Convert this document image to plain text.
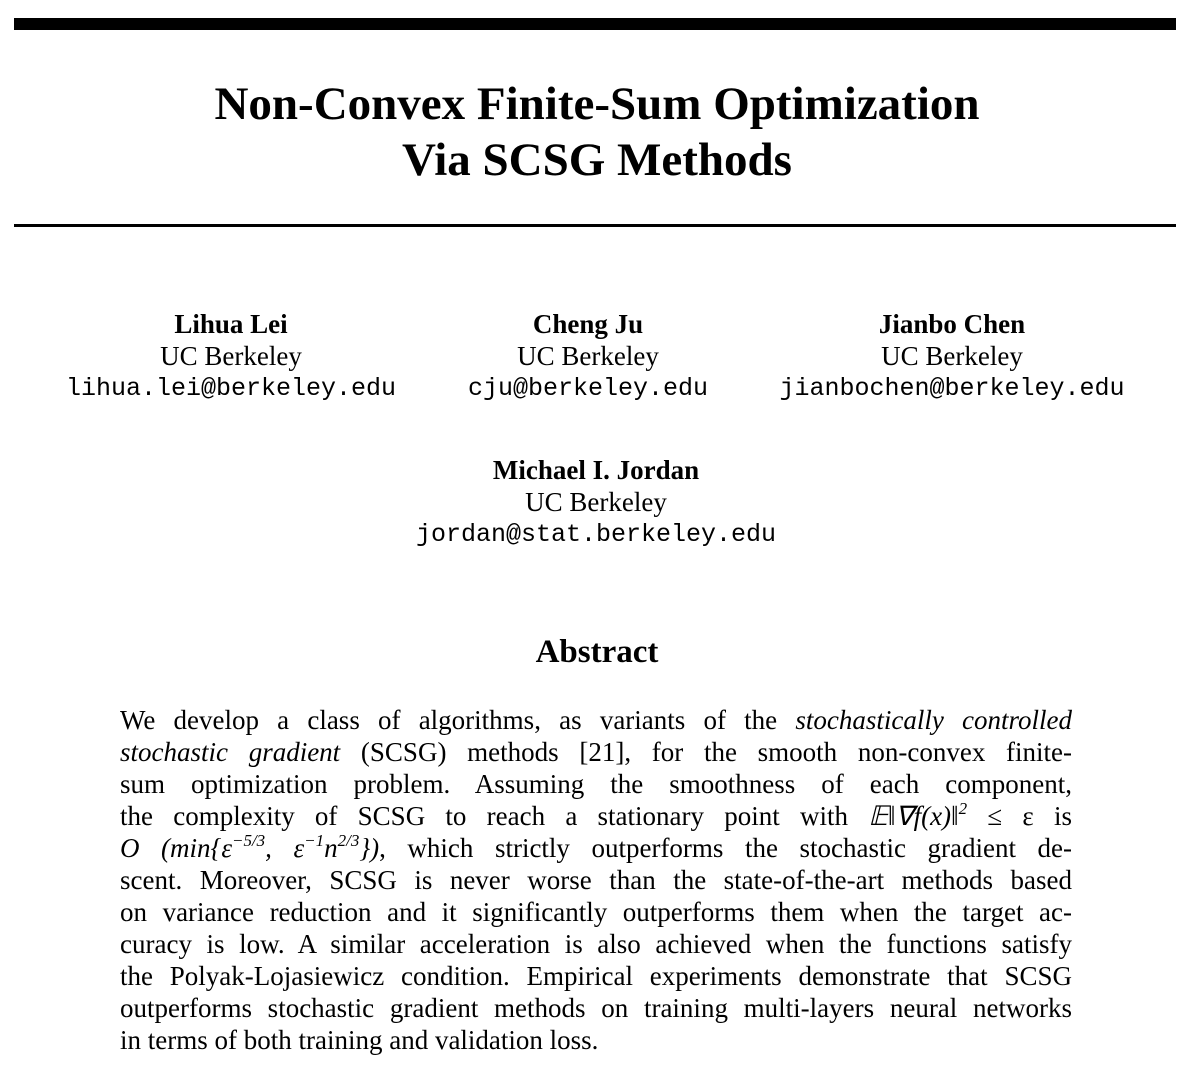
Non-Convex Finite-Sum Optimization
Via SCSG Methods
Lihua Lei
UC Berkeley
lihua.lei@berkeley.edu
Cheng Ju
UC Berkeley
cju@berkeley.edu
Jianbo Chen
UC Berkeley
jianbochen@berkeley.edu
Michael I. Jordan
UC Berkeley
jordan@stat.berkeley.edu
Abstract
We develop a class of algorithms, as variants of the stochastically controlled
stochastic gradient (SCSG) methods [21], for the smooth non-convex finite-
sum optimization problem. Assuming the smoothness of each component,
the complexity of SCSG to reach a stationary point with 𝔼‖∇f(x)‖$^2$ ≤ ε is
O ($\min\{\varepsilon^{-5/3}$, $\varepsilon^{-1}n^{2/3}$}), which strictly outperforms the stochastic gradient de-
scent. Moreover, SCSG is never worse than the state-of-the-art methods based
on variance reduction and it significantly outperforms them when the target ac-
curacy is low. A similar acceleration is also achieved when the functions satisfy
the Polyak-Lojasiewicz condition. Empirical experiments demonstrate that SCSG
outperforms stochastic gradient methods on training multi-layers neural networks
in terms of both training and validation loss.
